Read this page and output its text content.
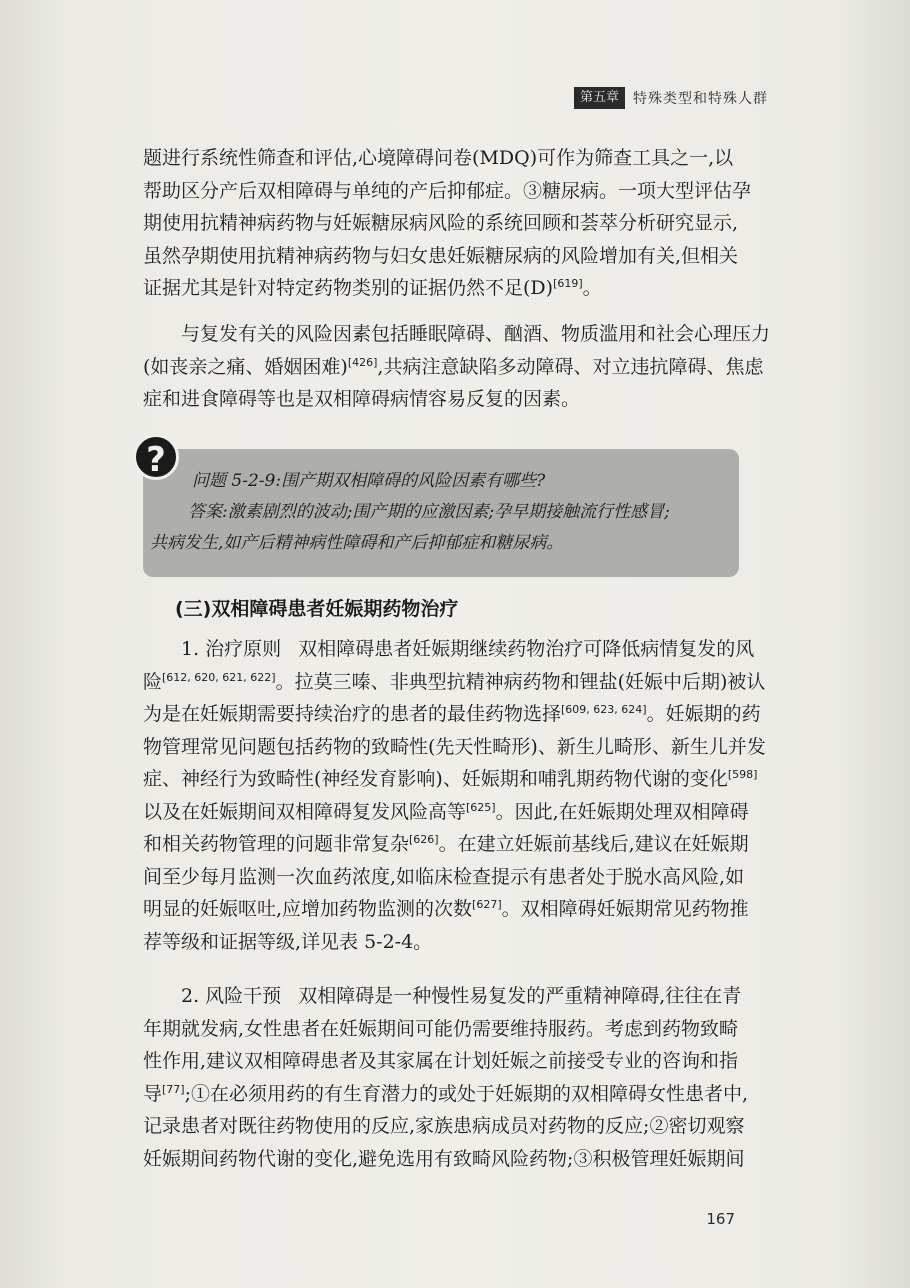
第五章	特殊类型和特殊人群

题进行系统性筛查和评估,心境障碍问卷(MDQ)可作为筛查工具之一,以
帮助区分产后双相障碍与单纯的产后抑郁症。③糖尿病。一项大型评估孕
期使用抗精神病药物与妊娠糖尿病风险的系统回顾和荟萃分析研究显示,
虽然孕期使用抗精神病药物与妇女患妊娠糖尿病的风险增加有关,但相关
证据尤其是针对特定药物类别的证据仍然不足(D)[619]。

与复发有关的风险因素包括睡眠障碍、酗酒、物质滥用和社会心理压力
(如丧亲之痛、婚姻困难)[426],共病注意缺陷多动障碍、对立违抗障碍、焦虑
症和进食障碍等也是双相障碍病情容易反复的因素。

?
问题 5-2-9:围产期双相障碍的风险因素有哪些?
答案:激素剧烈的波动;围产期的应激因素;孕早期接触流行性感冒;
共病发生,如产后精神病性障碍和产后抑郁症和糖尿病。
(三)双相障碍患者妊娠期药物治疗

1. 治疗原则 双相障碍患者妊娠期继续药物治疗可降低病情复发的风
险[612, 620, 621, 622]。拉莫三嗪、非典型抗精神病药物和锂盐(妊娠中后期)被认
为是在妊娠期需要持续治疗的患者的最佳药物选择[609, 623, 624]。妊娠期的药
物管理常见问题包括药物的致畸性(先天性畸形)、新生儿畸形、新生儿并发
症、神经行为致畸性(神经发育影响)、妊娠期和哺乳期药物代谢的变化[598]
以及在妊娠期间双相障碍复发风险高等[625]。因此,在妊娠期处理双相障碍
和相关药物管理的问题非常复杂[626]。在建立妊娠前基线后,建议在妊娠期
间至少每月监测一次血药浓度,如临床检查提示有患者处于脱水高风险,如
明显的妊娠呕吐,应增加药物监测的次数[627]。双相障碍妊娠期常见药物推
荐等级和证据等级,详见表 5-2-4。

2. 风险干预 双相障碍是一种慢性易复发的严重精神障碍,往往在青
年期就发病,女性患者在妊娠期间可能仍需要维持服药。考虑到药物致畸
性作用,建议双相障碍患者及其家属在计划妊娠之前接受专业的咨询和指
导[77];①在必须用药的有生育潜力的或处于妊娠期的双相障碍女性患者中,
记录患者对既往药物使用的反应,家族患病成员对药物的反应;②密切观察
妊娠期间药物代谢的变化,避免选用有致畸风险药物;③积极管理妊娠期间

167
